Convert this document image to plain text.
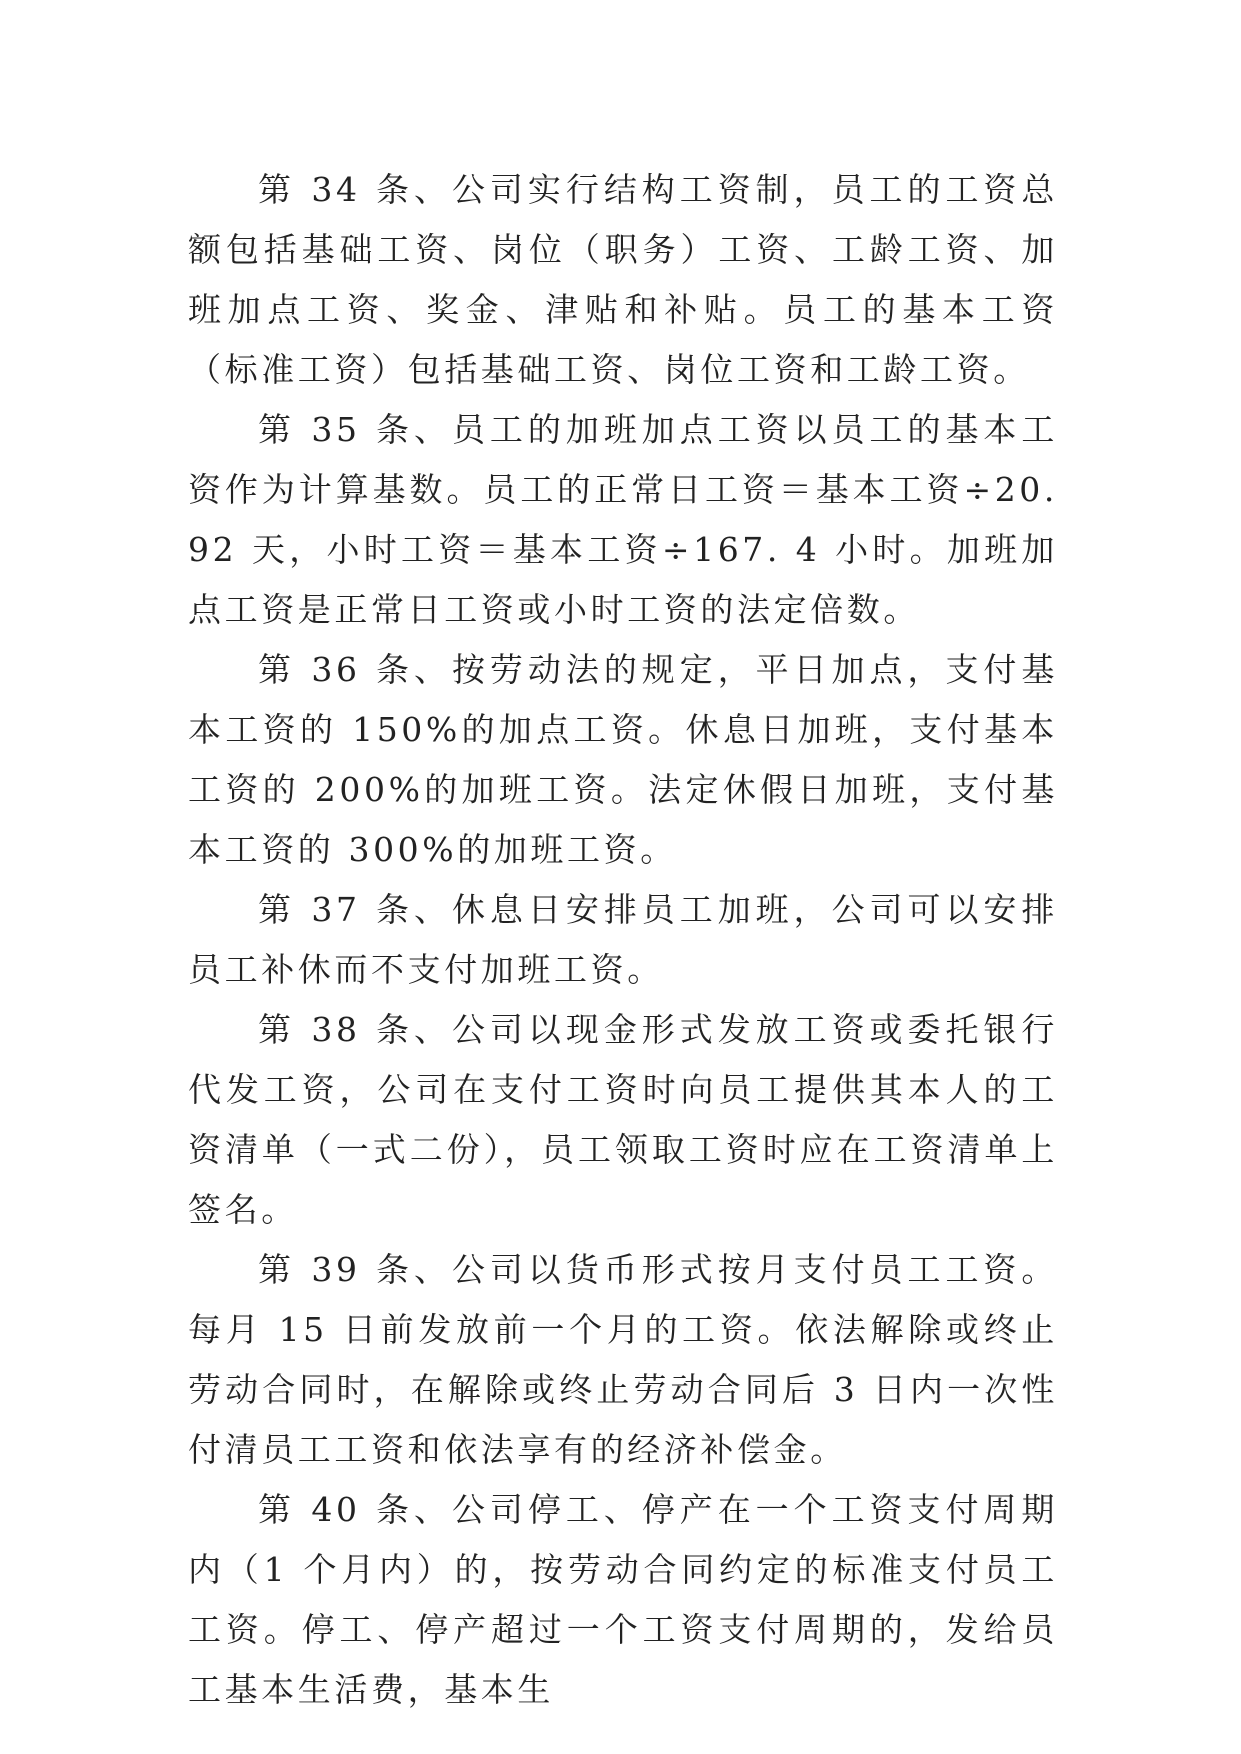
第 34 条、公司实行结构工资制，员工的工资总额包括基础工资、岗位（职务）工资、工龄工资、加班加点工资、奖金、津贴和补贴。员工的基本工资（标准工资）包括基础工资、岗位工资和工龄工资。

第 35 条、员工的加班加点工资以员工的基本工资作为计算基数。员工的正常日工资＝基本工资÷20. 92 天，小时工资＝基本工资÷167. 4 小时。加班加点工资是正常日工资或小时工资的法定倍数。

第 36 条、按劳动法的规定，平日加点，支付基本工资的 150%的加点工资。休息日加班，支付基本工资的 200%的加班工资。法定休假日加班，支付基本工资的 300%的加班工资。

第 37 条、休息日安排员工加班，公司可以安排员工补休而不支付加班工资。

第 38 条、公司以现金形式发放工资或委托银行代发工资，公司在支付工资时向员工提供其本人的工资清单（一式二份），员工领取工资时应在工资清单上签名。

第 39 条、公司以货币形式按月支付员工工资。每月 15 日前发放前一个月的工资。依法解除或终止劳动合同时，在解除或终止劳动合同后 3 日内一次性付清员工工资和依法享有的经济补偿金。

第 40 条、公司停工、停产在一个工资支付周期内（1 个月内）的，按劳动合同约定的标准支付员工工资。停工、停产超过一个工资支付周期的，发给员工基本生活费，基本生
